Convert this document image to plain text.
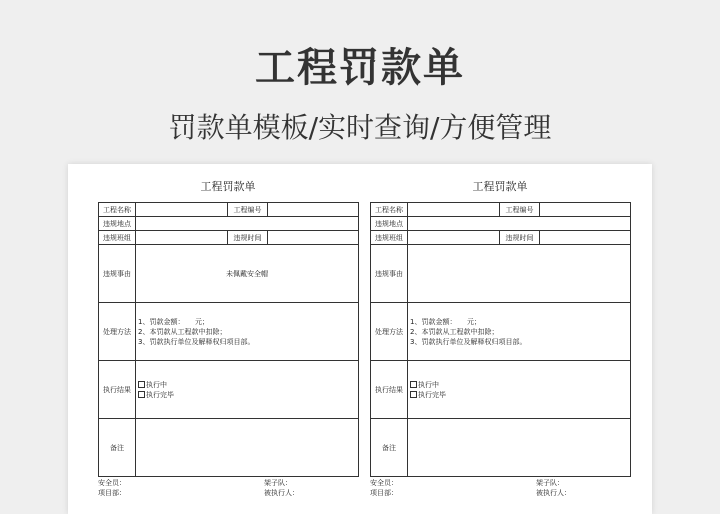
工程罚款单
罚款单模板/实时查询/方便管理
工程罚款单
工程名称		工程编号	
违规地点			
违规班组		违规时间	
违规事由	未佩戴安全帽		
处理方法	1、罚款金额：　　元；
2、本罚款从工程款中扣除；
3、罚款执行单位及解释权归项目部。		

执行结果	执行中
执行完毕		

备注			
安全员：	架子队：
项目部：	被执行人：
工程罚款单
工程名称		工程编号	
违规地点			
违规班组		违规时间	
违规事由			
处理方法	1、罚款金额：　　元；
2、本罚款从工程款中扣除；
3、罚款执行单位及解释权归项目部。		

执行结果	执行中
执行完毕		

备注			
安全员：	架子队：
项目部：	被执行人：
